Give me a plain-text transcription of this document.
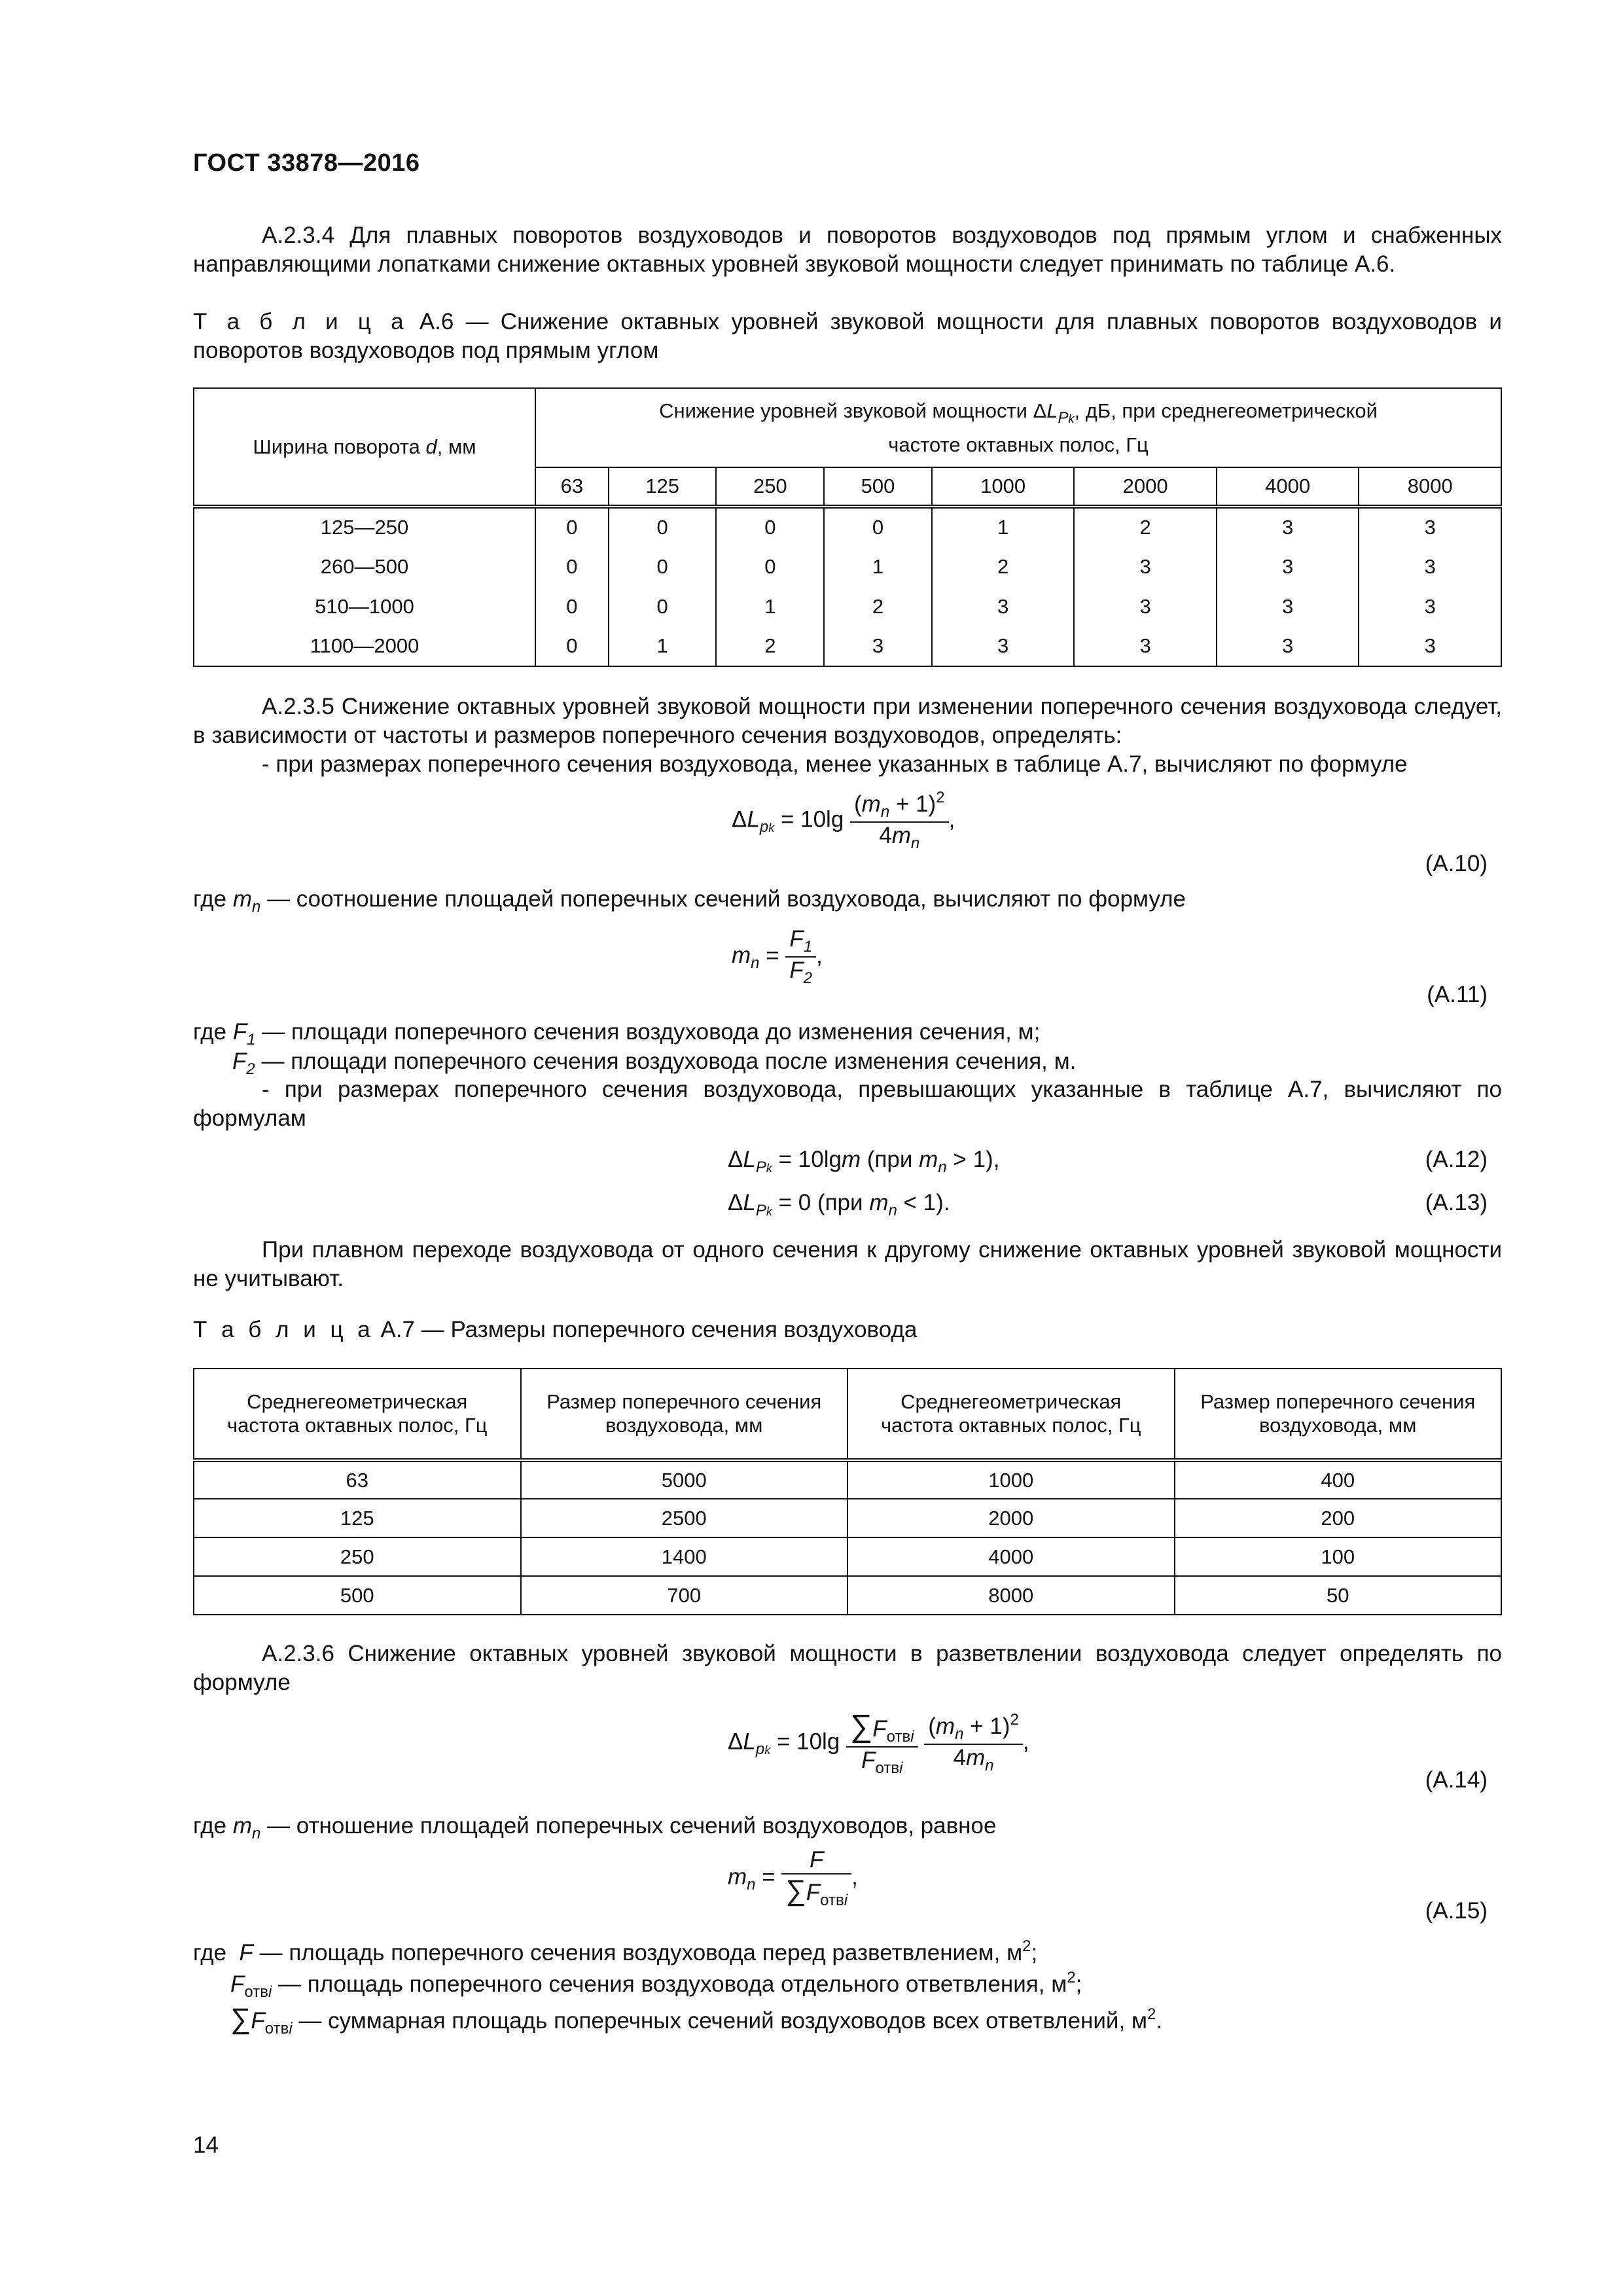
ГОСТ 33878—2016
А.2.3.4 Для плавных поворотов воздуховодов и поворотов воздуховодов под прямым углом и снабженных направляющими лопатками снижение октавных уровней звуковой мощности следует принимать по таблице А.6.
Т а б л и ц а А.6 — Снижение октавных уровней звуковой мощности для плавных поворотов воздуховодов и поворотов воздуховодов под прямым углом
Ширина поворота d, мм	Снижение уровней звуковой мощности $\Delta L_{Pk}$, дБ, при среднегеометрической
частоте октавных полос, Гц							
	63	125	250	500	1000	2000	4000	8000
125—250	0	0	0	0	1	2	3	3
260—500	0	0	0	1	2	3	3	3
510—1000	0	0	1	2	3	3	3	3
1100—2000	0	1	2	3	3	3	3	3
А.2.3.5 Снижение октавных уровней звуковой мощности при изменении поперечного сечения воздуховода следует, в зависимости от частоты и размеров поперечного сечения воздуховодов, определять:
- при размерах поперечного сечения воздуховода, менее указанных в таблице А.7, вычисляют по формуле
$\Delta L_{pk} = 10\lg \frac{(m_n + 1)^2}{4m_n}$ ,
(А.10)
где $m_n$ — соотношение площадей поперечных сечений воздуховода, вычисляют по формуле
$m_n = \frac{F_1}{F_2}$ ,
(А.11)
где $F_1$ — площади поперечного сечения воздуховода до изменения сечения, м;
$F_2$ — площади поперечного сечения воздуховода после изменения сечения, м.
- при размерах поперечного сечения воздуховода, превышающих указанные в таблице А.7, вычисляют по формулам
$\Delta L_{Pk} = 10\lg m$ (при $m_n > 1$),	(А.12)
$\Delta L_{Pk} = 0$ (при $m_n < 1$).	(А.13)
При плавном переходе воздуховода от одного сечения к другому снижение октавных уровней звуковой мощности не учитывают.
Т а б л и ц а А.7 — Размеры поперечного сечения воздуховода
Среднегеометрическая частота октавных полос, Гц	Размер поперечного сечения воздуховода, мм	Среднегеометрическая частота октавных полос, Гц	Размер поперечного сечения воздуховода, мм
63	5000	1000	400
125	2500	2000	200
250	1400	4000	100
500	700	8000	50
А.2.3.6 Снижение октавных уровней звуковой мощности в разветвлении воздуховода следует определять по формуле
$\Delta L_{pk} = 10\lg \frac{\sum F_{отвi}}{F_{отвi}}$
$\frac{(m_n + 1)^2}{4m_n}$ ,
(А.14)
где $m_n$ — отношение площадей поперечных сечений воздуховодов, равное
$m_n = \frac{F}{\sum F_{отвi}}$ ,
(А.15)
где  F — площадь поперечного сечения воздуховода перед разветвлением, $м^2$;
$F_{отвi}$ — площадь поперечного сечения воздуховода отдельного ответвления, $м^2$;
$\sum F_{отвi}$ — суммарная площадь поперечных сечений воздуховодов всех ответвлений, $м^2$.
14
